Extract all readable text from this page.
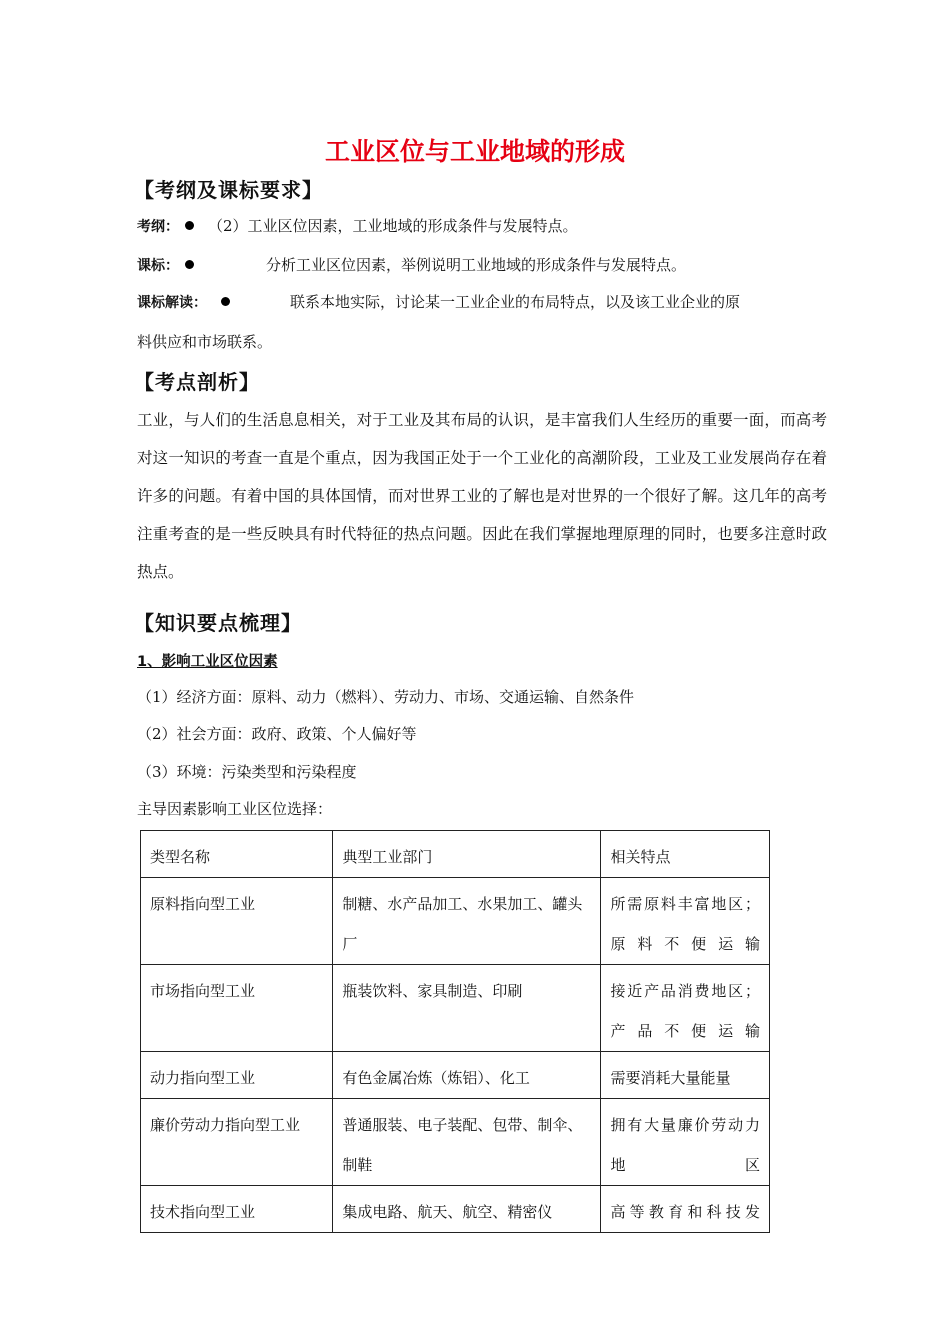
工业区位与工业地域的形成
【考纲及课标要求】
考纲： （2）工业区位因素，工业地域的形成条件与发展特点。
课标：	分析工业区位因素，举例说明工业地域的形成条件与发展特点。
课标解读：	联系本地实际，讨论某一工业企业的布局特点，以及该工业企业的原
料供应和市场联系。
【考点剖析】
工业，与人们的生活息息相关，对于工业及其布局的认识，是丰富我们人生经历的重要一面，而高考对这一知识的考查一直是个重点，因为我国正处于一个工业化的高潮阶段，工业及工业发展尚存在着许多的问题。有着中国的具体国情，而对世界工业的了解也是对世界的一个很好了解。这几年的高考注重考查的是一些反映具有时代特征的热点问题。因此在我们掌握地理原理的同时，也要多注意时政热点。
【知识要点梳理】
1、影响工业区位因素
（1）经济方面：原料、动力（燃料）、劳动力、市场、交通运输、自然条件
（2）社会方面：政府、政策、个人偏好等
（3）环境：污染类型和污染程度
主导因素影响工业区位选择：
类型名称	典型工业部门	相关特点
原料指向型工业	制糖、水产品加工、水果加工、罐头厂	所需原料丰富地区；原料不便运输
市场指向型工业	瓶装饮料、家具制造、印刷	接近产品消费地区；产品不便运输
动力指向型工业	有色金属冶炼（炼铝）、化工	需要消耗大量能量
廉价劳动力指向型工业	普通服装、电子装配、包带、制伞、制鞋	拥有大量廉价劳动力地区
技术指向型工业	集成电路、航天、航空、精密仪	高等教育和科技发
